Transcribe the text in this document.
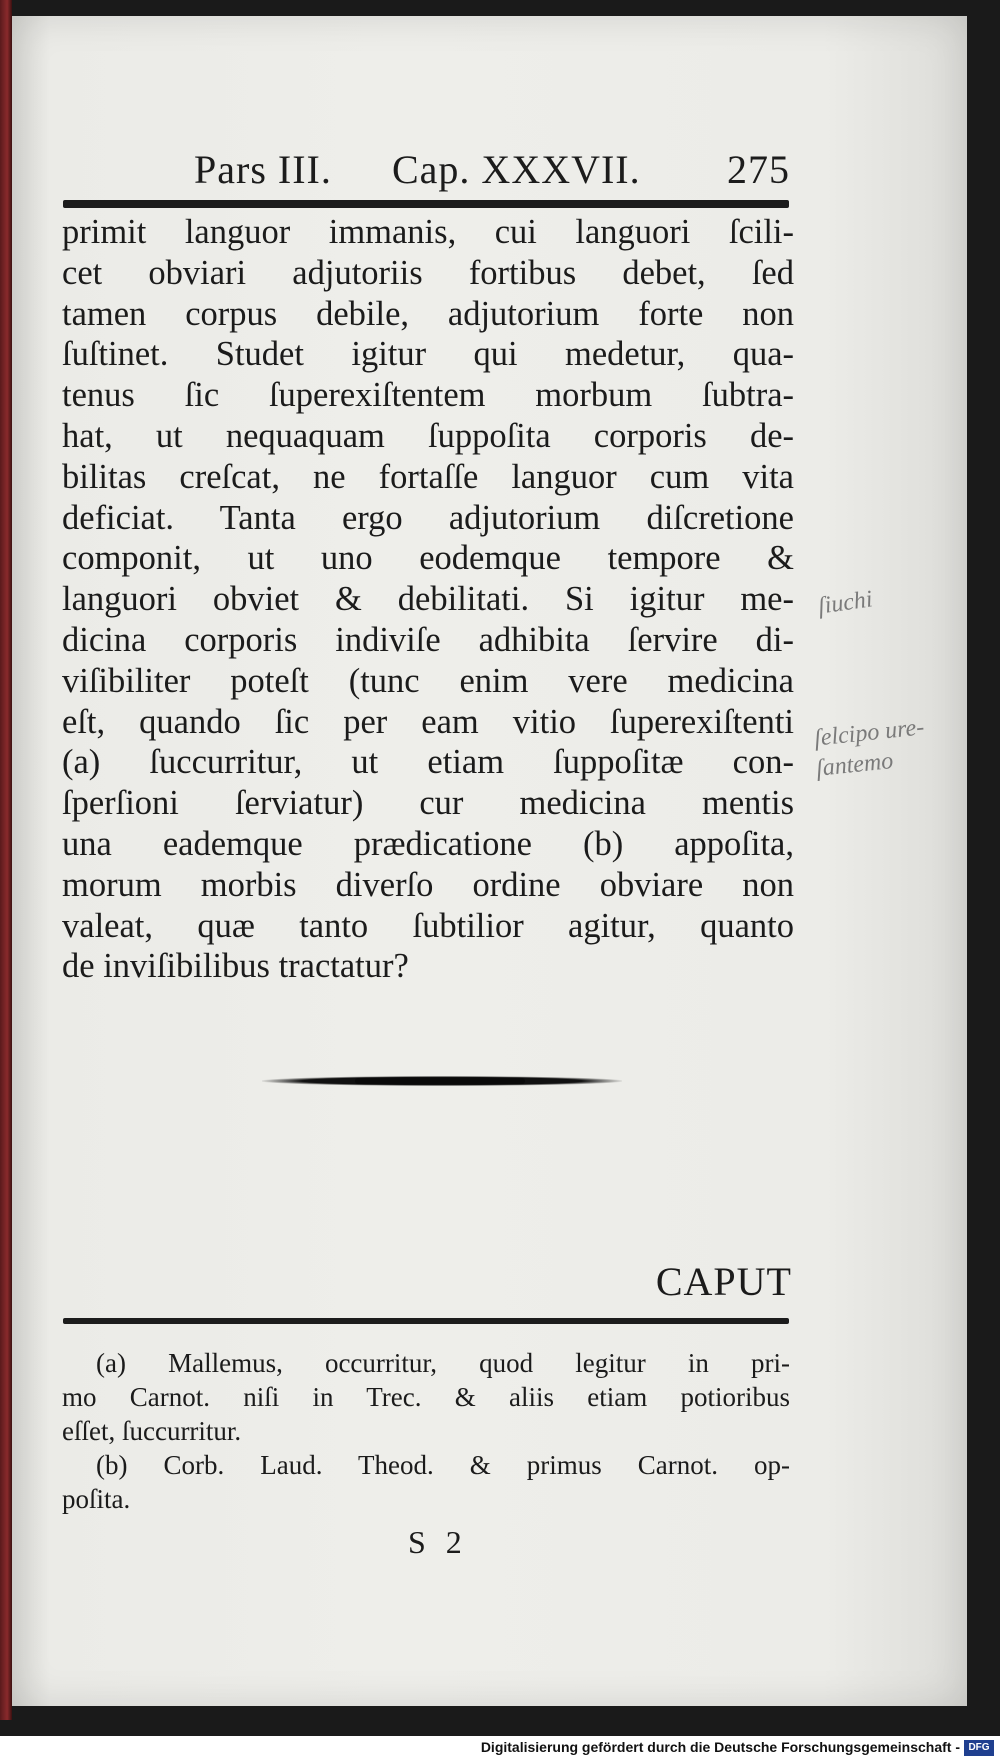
Pars III. Cap. XXXVII. 275
primit languor immanis, cui languori ſcili-
cet obviari adjutoriis fortibus debet, ſed
tamen corpus debile, adjutorium forte non
ſuſtinet. Studet igitur qui medetur, qua-
tenus ſic ſuperexiſtentem morbum ſubtra-
hat, ut nequaquam ſuppoſita corporis de-
bilitas creſcat, ne fortaſſe languor cum vita
deficiat. Tanta ergo adjutorium diſcretione
componit, ut uno eodemque tempore &
languori obviet & debilitati. Si igitur me-
dicina corporis indiviſe adhibita ſervire di-
viſibiliter poteſt (tunc enim vere medicina
eſt, quando ſic per eam vitio ſuperexiſtenti
(a) ſuccurritur, ut etiam ſuppoſitæ con-
ſperſioni ſerviatur) cur medicina mentis
una eademque prædicatione (b) appoſita,
morum morbis diverſo ordine obviare non
valeat, quæ tanto ſubtilior agitur, quanto
de inviſibilibus tractatur?
CAPUT
(a) Mallemus, occurritur, quod legitur in pri-
mo Carnot. niſi in Trec. & aliis etiam potioribus
eſſet, ſuccurritur.
(b) Corb. Laud. Theod. & primus Carnot. op-
poſita.
S 2
ſiuchi
ſelcipo ure-
ſantemo
Digitalisierung gefördert durch die Deutsche Forschungsgemeinschaft - DFG
